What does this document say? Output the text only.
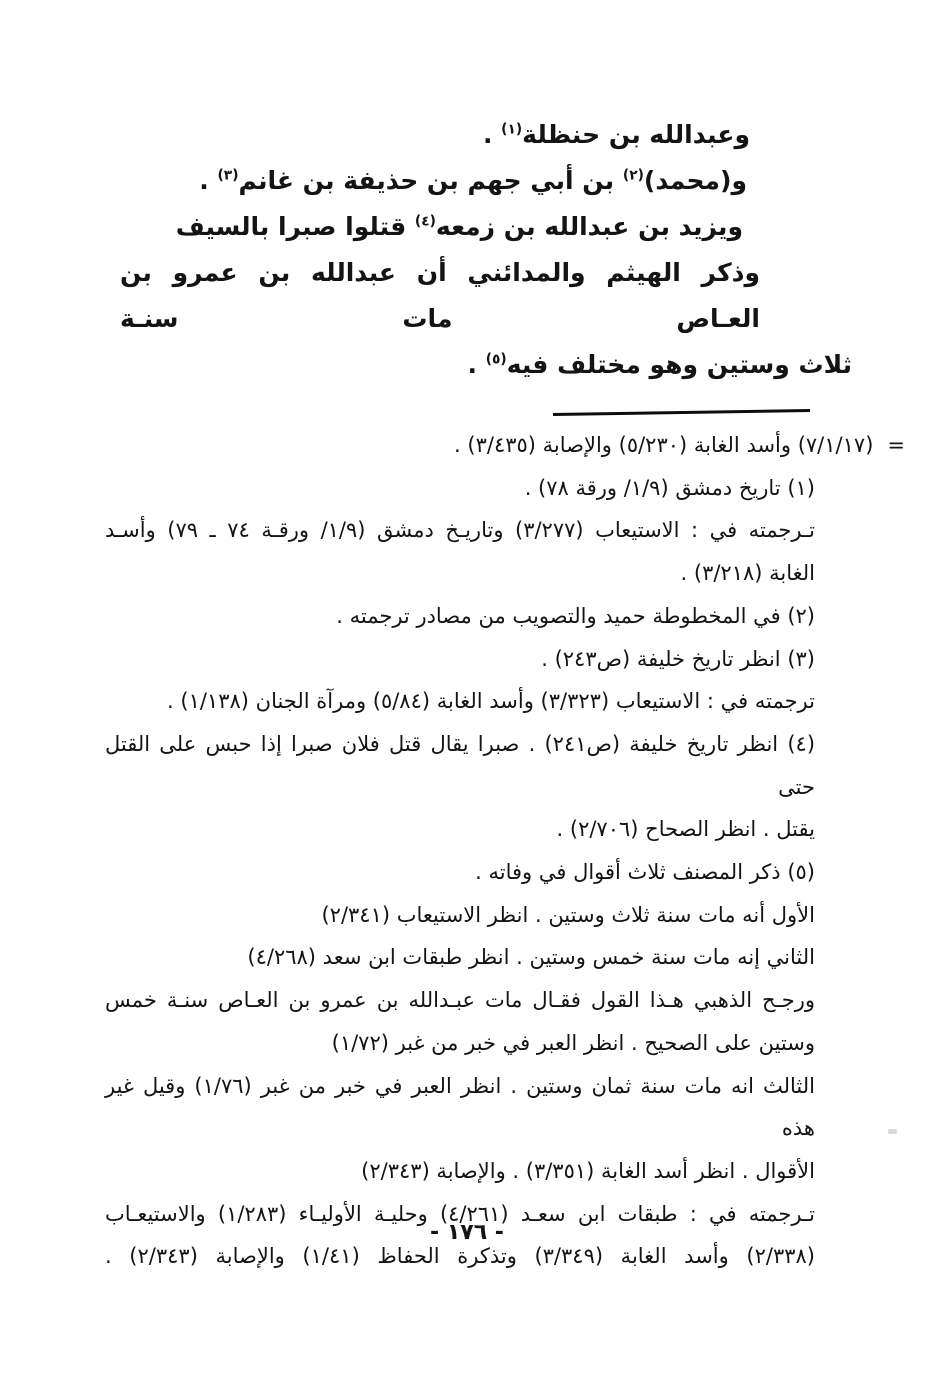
وعبدالله بن حنظلة$^{(١)}$ .
و(محمد)$^{(٢)}$ بن أبي جهم بن حذيفة بن غانم$^{(٣)}$ .
ويزيد بن عبدالله بن زمعه$^{(٤)}$ قتلوا صبرا بالسيف
وذكر الهيثم والمدائني أن عبدالله بن عمرو بن العـاص مات سنـة
ثلاث وستين وهو مختلف فيه$^{(٥)}$ .
=(٧/١/١٧) وأسد الغابة (٥/٢٣٠) والإصابة (٣/٤٣٥) .
(١) تاريخ دمشق (١/٩/ ورقة ٧٨) .
تـرجمته في : الاستيعاب (٣/٢٧٧) وتاريـخ دمشق (١/٩/ ورقـة ٧٤ ـ ٧٩) وأسـد
الغابة (٣/٢١٨) .
(٢) في المخطوطة حميد والتصويب من مصادر ترجمته .
(٣) انظر تاريخ خليفة (ص٢٤٣) .
ترجمته في : الاستيعاب (٣/٣٢٣) وأسد الغابة (٥/٨٤) ومرآة الجنان (١/١٣٨) .
(٤) انظر تاريخ خليفة (ص٢٤١) . صبرا يقال قتل فلان صبرا إذا حبس على القتل حتى
يقتل . انظر الصحاح (٢/٧٠٦) .
(٥) ذكر المصنف ثلاث أقوال في وفاته .
الأول أنه مات سنة ثلاث وستين . انظر الاستيعاب (٢/٣٤١)
الثاني إنه مات سنة خمس وستين . انظر طبقات ابن سعد (٤/٢٦٨)
ورجـح الذهبي هـذا القول فقـال مات عبـدالله بن عمرو بن العـاص سنـة خمس
وستين على الصحيح . انظر العبر في خبر من غبر (١/٧٢)
الثالث انه مات سنة ثمان وستين . انظر العبر في خبر من غبر (١/٧٦) وقيل غير هذه
الأقوال . انظر أسد الغابة (٣/٣٥١) . والإصابة (٢/٣٤٣)
تـرجمته في : طبقات ابن سعـد (٤/٢٦١) وحليـة الأوليـاء (١/٢٨٣) والاستيعـاب
(٢/٣٣٨) وأسد الغابة (٣/٣٤٩) وتذكرة الحفاظ (١/٤١) والإصابة (٢/٣٤٣) .
- ١٧٦ -
